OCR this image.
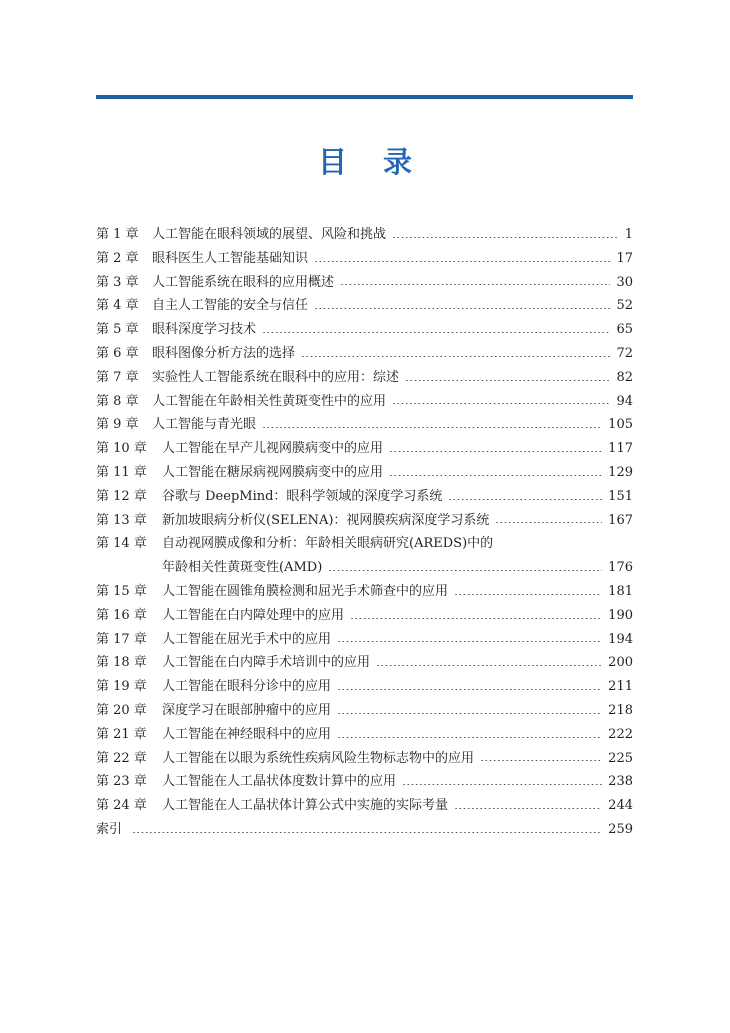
目录
第 1 章	人工智能在眼科领域的展望、风险和挑战	1
第 2 章	眼科医生人工智能基础知识	17
第 3 章	人工智能系统在眼科的应用概述	30
第 4 章	自主人工智能的安全与信任	52
第 5 章	眼科深度学习技术	65
第 6 章	眼科图像分析方法的选择	72
第 7 章	实验性人工智能系统在眼科中的应用：综述	82
第 8 章	人工智能在年龄相关性黄斑变性中的应用	94
第 9 章	人工智能与青光眼	105
第 10 章	人工智能在早产儿视网膜病变中的应用	117
第 11 章	人工智能在糖尿病视网膜病变中的应用	129
第 12 章	谷歌与 DeepMind：眼科学领域的深度学习系统	151
第 13 章	新加坡眼病分析仪(SELENA)：视网膜疾病深度学习系统	167
第 14 章	自动视网膜成像和分析：年龄相关眼病研究(AREDS)中的
年龄相关性黄斑变性(AMD)	176
第 15 章	人工智能在圆锥角膜检测和屈光手术筛查中的应用	181
第 16 章	人工智能在白内障处理中的应用	190
第 17 章	人工智能在屈光手术中的应用	194
第 18 章	人工智能在白内障手术培训中的应用	200
第 19 章	人工智能在眼科分诊中的应用	211
第 20 章	深度学习在眼部肿瘤中的应用	218
第 21 章	人工智能在神经眼科中的应用	222
第 22 章	人工智能在以眼为系统性疾病风险生物标志物中的应用	225
第 23 章	人工智能在人工晶状体度数计算中的应用	238
第 24 章	人工智能在人工晶状体计算公式中实施的实际考量	244
索引	259
